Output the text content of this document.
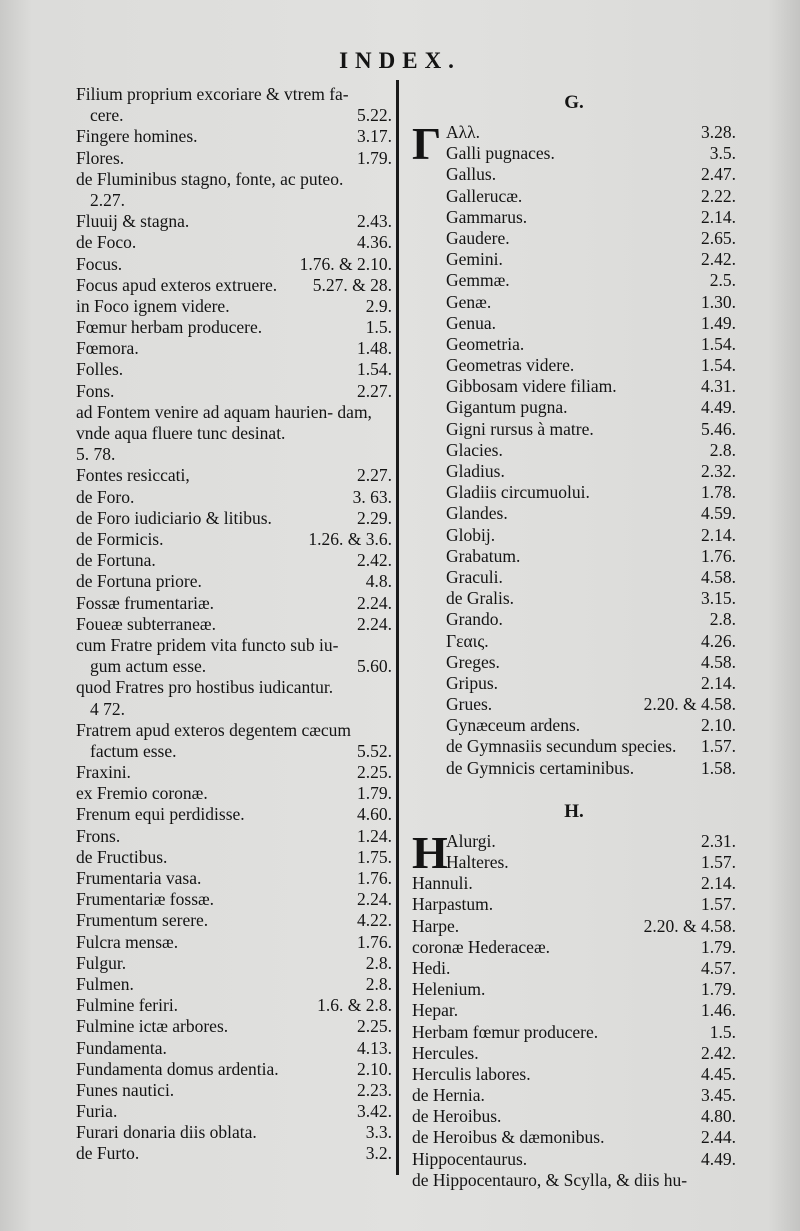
INDEX.
Filium proprium excoriare & vtrem fa-
cere.	5.22.
Fingere homines.	3.17.
Flores.	1.79.
de Fluminibus stagno, fonte, ac puteo.
2.27.
Fluuij & stagna.	2.43.
de Foco.	4.36.
Focus.	1.76. & 2.10.
Focus apud exteros extruere. 5.27. & 28.
in Foco ignem videre.	2.9.
Fœmur herbam producere.	1.5.
Fœmora.	1.48.
Folles.	1.54.
Fons.	2.27.
ad Fontem venire ad aquam haurien- dam, vnde aqua fluere tunc desinat.
5. 78.
Fontes resiccati,	2.27.
de Foro.	3. 63.
de Foro iudiciario & litibus.	2.29.
de Formicis.	1.26. & 3.6.
de Fortuna.	2.42.
de Fortuna priore.	4.8.
Fossæ frumentariæ.	2.24.
Foueæ subterraneæ.	2.24.
cum Fratre pridem vita functo sub iu-
gum actum esse.	5.60.
quod Fratres pro hostibus iudicantur.
4 72.
Fratrem apud exteros degentem cæcum
factum esse.	5.52.
Fraxini.	2.25.
ex Fremio coronæ.	1.79.
Frenum equi perdidisse.	4.60.
Frons.	1.24.
de Fructibus.	1.75.
Frumentaria vasa.	1.76.
Frumentariæ fossæ.	2.24.
Frumentum serere.	4.22.
Fulcra mensæ.	1.76.
Fulgur.	2.8.
Fulmen.	2.8.
Fulmine feriri.	1.6. & 2.8.
Fulmine ictæ arbores.	2.25.
Fundamenta.	4.13.
Fundamenta domus ardentia.	2.10.
Funes nautici.	2.23.
Furia.	3.42.
Furari donaria diis oblata.	3.3.
de Furto.	3.2.
G.
Γ Αλλ.	3.28.
Galli pugnaces.	3.5.
Gallus.	2.47.
Gallerucæ.	2.22.
Gammarus.	2.14.
Gaudere.	2.65.
Gemini.	2.42.
Gemmæ.	2.5.
Genæ.	1.30.
Genua.	1.49.
Geometria.	1.54.
Geometras videre.	1.54.
Gibbosam videre filiam.	4.31.
Gigantum pugna.	4.49.
Gigni rursus à matre.	5.46.
Glacies.	2.8.
Gladius.	2.32.
Gladiis circumuolui.	1.78.
Glandes.	4.59.
Globij.	2.14.
Grabatum.	1.76.
Graculi.	4.58.
de Gralis.	3.15.
Grando.	2.8.
Γεαις.	4.26.
Greges.	4.58.
Gripus.	2.14.
Grues.	2.20. & 4.58.
Gynæceum ardens.	2.10.
de Gymnasiis secundum species. 1.57.
de Gymnicis certaminibus.	1.58.
H.
H
Alurgi.	2.31.
Halteres.	1.57.
Hannuli.	2.14.
Harpastum.	1.57.
Harpe.	2.20. & 4.58.
coronæ Hederaceæ.	1.79.
Hedi.	4.57.
Helenium.	1.79.
Hepar.	1.46.
Herbam fœmur producere.	1.5.
Hercules.	2.42.
Herculis labores.	4.45.
de Hernia.	3.45.
de Heroibus.	4.80.
de Heroibus & dæmonibus.	2.44.
Hippocentaurus.	4.49.
de Hippocentauro, & Scylla, & diis hu-
